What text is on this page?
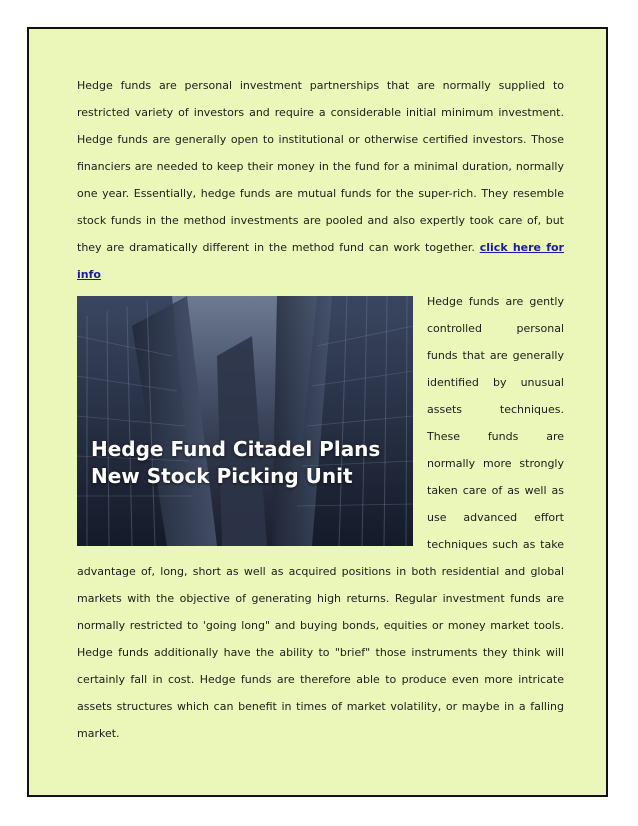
Hedge funds are personal investment partnerships that are normally supplied to restricted variety of investors and require a considerable initial minimum investment. Hedge funds are generally open to institutional or otherwise certified investors. Those financiers are needed to keep their money in the fund for a minimal duration, normally one year. Essentially, hedge funds are mutual funds for the super-rich. They resemble stock funds in the method investments are pooled and also expertly took care of, but they are dramatically different in the method fund can work together. click here for info

Hedge Fund Citadel Plans
New Stock Picking Unit

Hedge funds are gently controlled personal funds that are generally identified by unusual assets techniques. These funds are normally more strongly taken care of as well as use advanced effort techniques such as take advantage of, long, short as well as acquired positions in both residential and global markets with the objective of generating high returns. Regular investment funds are normally restricted to 'going long" and buying bonds, equities or money market tools. Hedge funds additionally have the ability to "brief" those instruments they think will certainly fall in cost. Hedge funds are therefore able to produce even more intricate assets structures which can benefit in times of market volatility, or maybe in a falling market.
